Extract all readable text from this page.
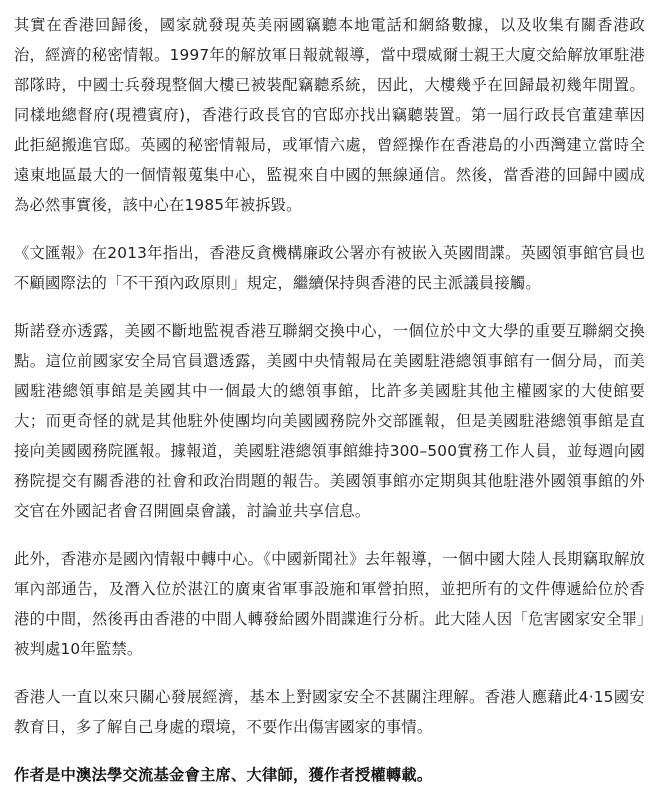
其實在香港回歸後，國家就發現英美兩國竊聽本地電話和網絡數據，以及收集有關香港政治，經濟的秘密情報。1997年的解放軍日報就報導，當中環威爾士親王大廈交給解放軍駐港部隊時，中國士兵發現整個大樓已被裝配竊聽系統，因此，大樓幾乎在回歸最初幾年閒置。同樣地總督府(現禮賓府)，香港行政長官的官邸亦找出竊聽裝置。第一屆行政長官董建華因此拒絕搬進官邸。英國的秘密情報局，或軍情六處，曾經操作在香港島的小西灣建立當時全遠東地區最大的一個情報蒐集中心，監視來自中國的無線通信。然後，當香港的回歸中國成為必然事實後，該中心在1985年被拆毀。

《文匯報》在2013年指出，香港反貪機構廉政公署亦有被嵌入英國間諜。英國領事館官員也不顧國際法的「不干預內政原則」規定，繼續保持與香港的民主派議員接觸。

斯諾登亦透露，美國不斷地監視香港互聯網交換中心，一個位於中文大學的重要互聯網交換點。這位前國家安全局官員還透露，美國中央情報局在美國駐港總領事館有一個分局，而美國駐港總領事館是美國其中一個最大的總領事館，比許多美國駐其他主權國家的大使館要大；而更奇怪的就是其他駐外使團均向美國國務院外交部匯報，但是美國駐港總領事館是直接向美國國務院匯報。據報道，美國駐港總領事館維持300–500實務工作人員，並每週向國務院提交有關香港的社會和政治問題的報告。美國領事館亦定期與其他駐港外國領事館的外交官在外國記者會召開圓桌會議，討論並共享信息。

此外，香港亦是國內情報中轉中心。《中國新聞社》去年報導，一個中國大陸人長期竊取解放軍內部通告，及潛入位於湛江的廣東省軍事設施和軍營拍照，並把所有的文件傳遞給位於香港的中間，然後再由香港的中間人轉發給國外間諜進行分析。此大陸人因「危害國家安全罪」被判處10年監禁。

香港人一直以來只關心發展經濟，基本上對國家安全不甚關注理解。香港人應藉此4·15國安教育日，多了解自己身處的環境，不要作出傷害國家的事情。

作者是中澳法學交流基金會主席、大律師，獲作者授權轉載。
